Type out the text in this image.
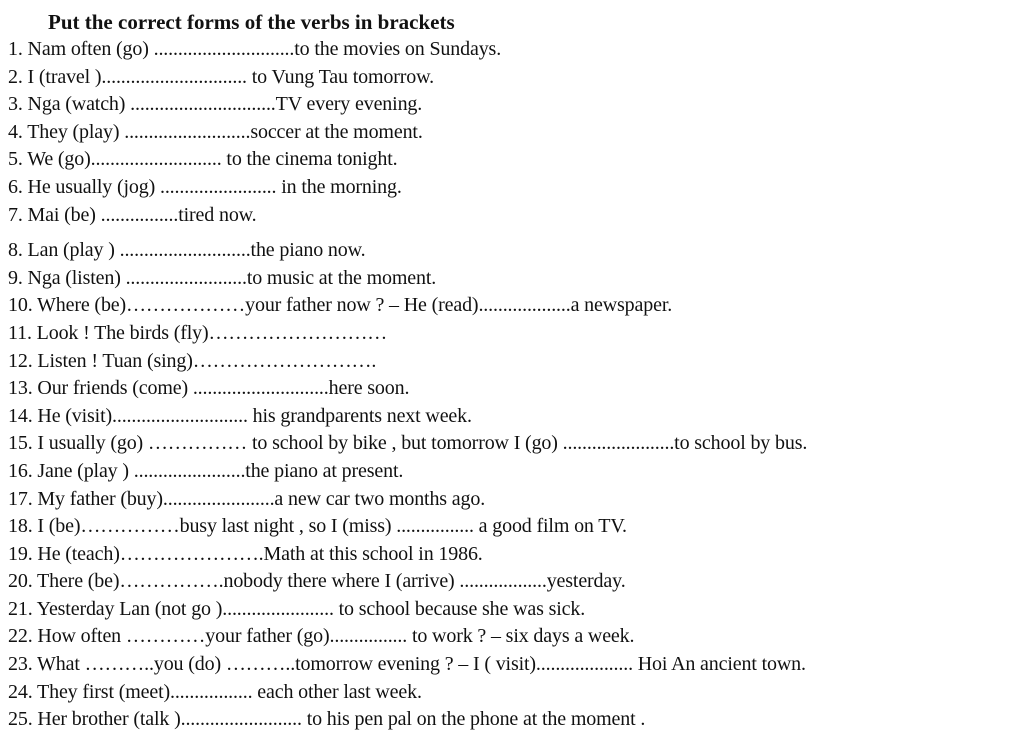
Put the correct forms of the verbs in brackets
1. Nam often (go) .............................to the movies on Sundays.
2. I (travel ).............................. to Vung Tau tomorrow.
3. Nga (watch) ..............................TV every evening.
4. They (play) ..........................soccer at the moment.
5. We (go)........................... to the cinema tonight.
6. He usually (jog) ........................ in the morning.
7. Mai (be) ................tired now.
8. Lan (play ) ...........................the piano now.
9. Nga (listen) .........................to music at the moment.
10. Where (be)………………your father now ? – He (read)...................a newspaper.
11. Look ! The birds (fly)………………………
12. Listen ! Tuan (sing)……………………….
13. Our friends (come) ............................here soon.
14. He (visit)............................ his grandparents next week.
15. I usually (go) …………… to school by bike , but tomorrow I (go) .......................to school by bus.
16. Jane (play ) .......................the piano at present.
17. My father (buy).......................a new car two months ago.
18. I (be)……………busy last night , so I (miss) ................ a good film on TV.
19. He (teach)………………….Math at this school in 1986.
20. There (be)…………….nobody there where I (arrive) ..................yesterday.
21. Yesterday Lan (not go )....................... to school because she was sick.
22. How often …………your father (go)................ to work ? – six days a week.
23. What ………..you (do) ………..tomorrow evening ? – I ( visit).................... Hoi An ancient town.
24. They first (meet)................. each other last week.
25. Her brother (talk )......................... to his pen pal on the phone at the moment .
